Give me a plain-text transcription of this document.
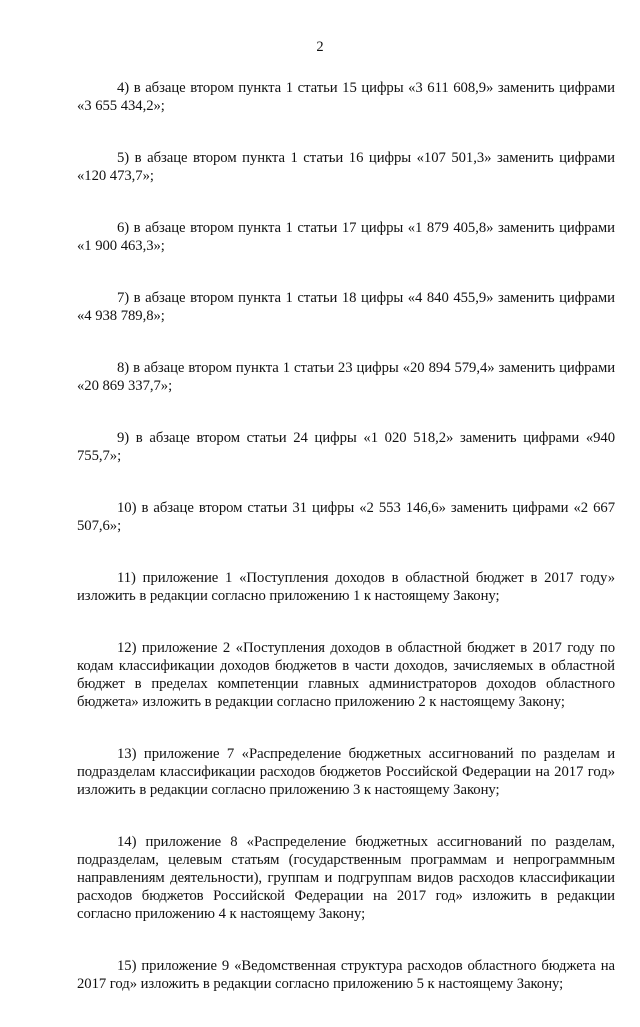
2

4) в абзаце втором пункта 1 статьи 15 цифры «3 611 608,9» заменить цифрами «3 655 434,2»;

5) в абзаце втором пункта 1 статьи 16 цифры «107 501,3» заменить цифрами «120 473,7»;

6) в абзаце втором пункта 1 статьи 17 цифры «1 879 405,8» заменить цифрами «1 900 463,3»;

7) в абзаце втором пункта 1 статьи 18 цифры «4 840 455,9» заменить цифрами «4 938 789,8»;

8) в абзаце втором пункта 1 статьи 23 цифры «20 894 579,4» заменить цифрами «20 869 337,7»;

9) в абзаце втором статьи 24 цифры «1 020 518,2» заменить цифрами «940 755,7»;

10) в абзаце втором статьи 31 цифры «2 553 146,6» заменить цифрами «2 667 507,6»;

11) приложение 1 «Поступления доходов в областной бюджет в 2017 году» изложить в редакции согласно приложению 1 к настоящему Закону;

12) приложение 2 «Поступления доходов в областной бюджет в 2017 году по кодам классификации доходов бюджетов в части доходов, зачисляемых в областной бюджет в пределах компетенции главных администраторов доходов областного бюджета» изложить в редакции согласно приложению 2 к настоящему Закону;

13) приложение 7 «Распределение бюджетных ассигнований по разделам и подразделам классификации расходов бюджетов Российской Федерации на 2017 год» изложить в редакции согласно приложению 3 к настоящему Закону;

14) приложение 8 «Распределение бюджетных ассигнований по разделам, подразделам, целевым статьям (государственным программам и непрограммным направлениям деятельности), группам и подгруппам видов расходов классификации расходов бюджетов Российской Федерации на 2017 год» изложить в редакции согласно приложению 4 к настоящему Закону;

15) приложение 9 «Ведомственная структура расходов областного бюджета на 2017 год» изложить в редакции согласно приложению 5 к настоящему Закону;
